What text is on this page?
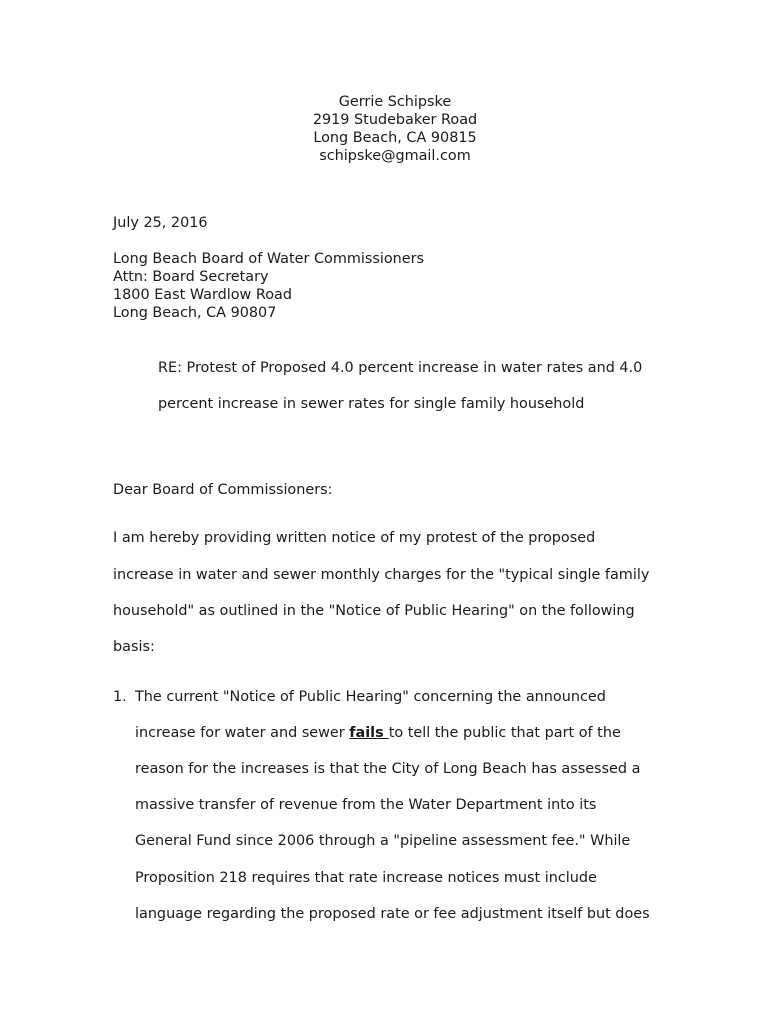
Gerrie Schipske
2919 Studebaker Road
Long Beach, CA 90815
schipske@gmail.com
July 25, 2016
Long Beach Board of Water Commissioners
Attn: Board Secretary
1800 East Wardlow Road
Long Beach, CA 90807
RE: Protest of Proposed 4.0 percent increase in water rates and 4.0
percent increase in sewer rates for single family household
Dear Board of Commissioners:
I am hereby providing written notice of my protest of the proposed
increase in water and sewer monthly charges for the "typical single family
household" as outlined in the "Notice of Public Hearing" on the following
basis:
1. The current "Notice of Public Hearing" concerning the announced
increase for water and sewer fails to tell the public that part of the
reason for the increases is that the City of Long Beach has assessed a
massive transfer of revenue from the Water Department into its
General Fund since 2006 through a "pipeline assessment fee." While
Proposition 218 requires that rate increase notices must include
language regarding the proposed rate or fee adjustment itself but does
